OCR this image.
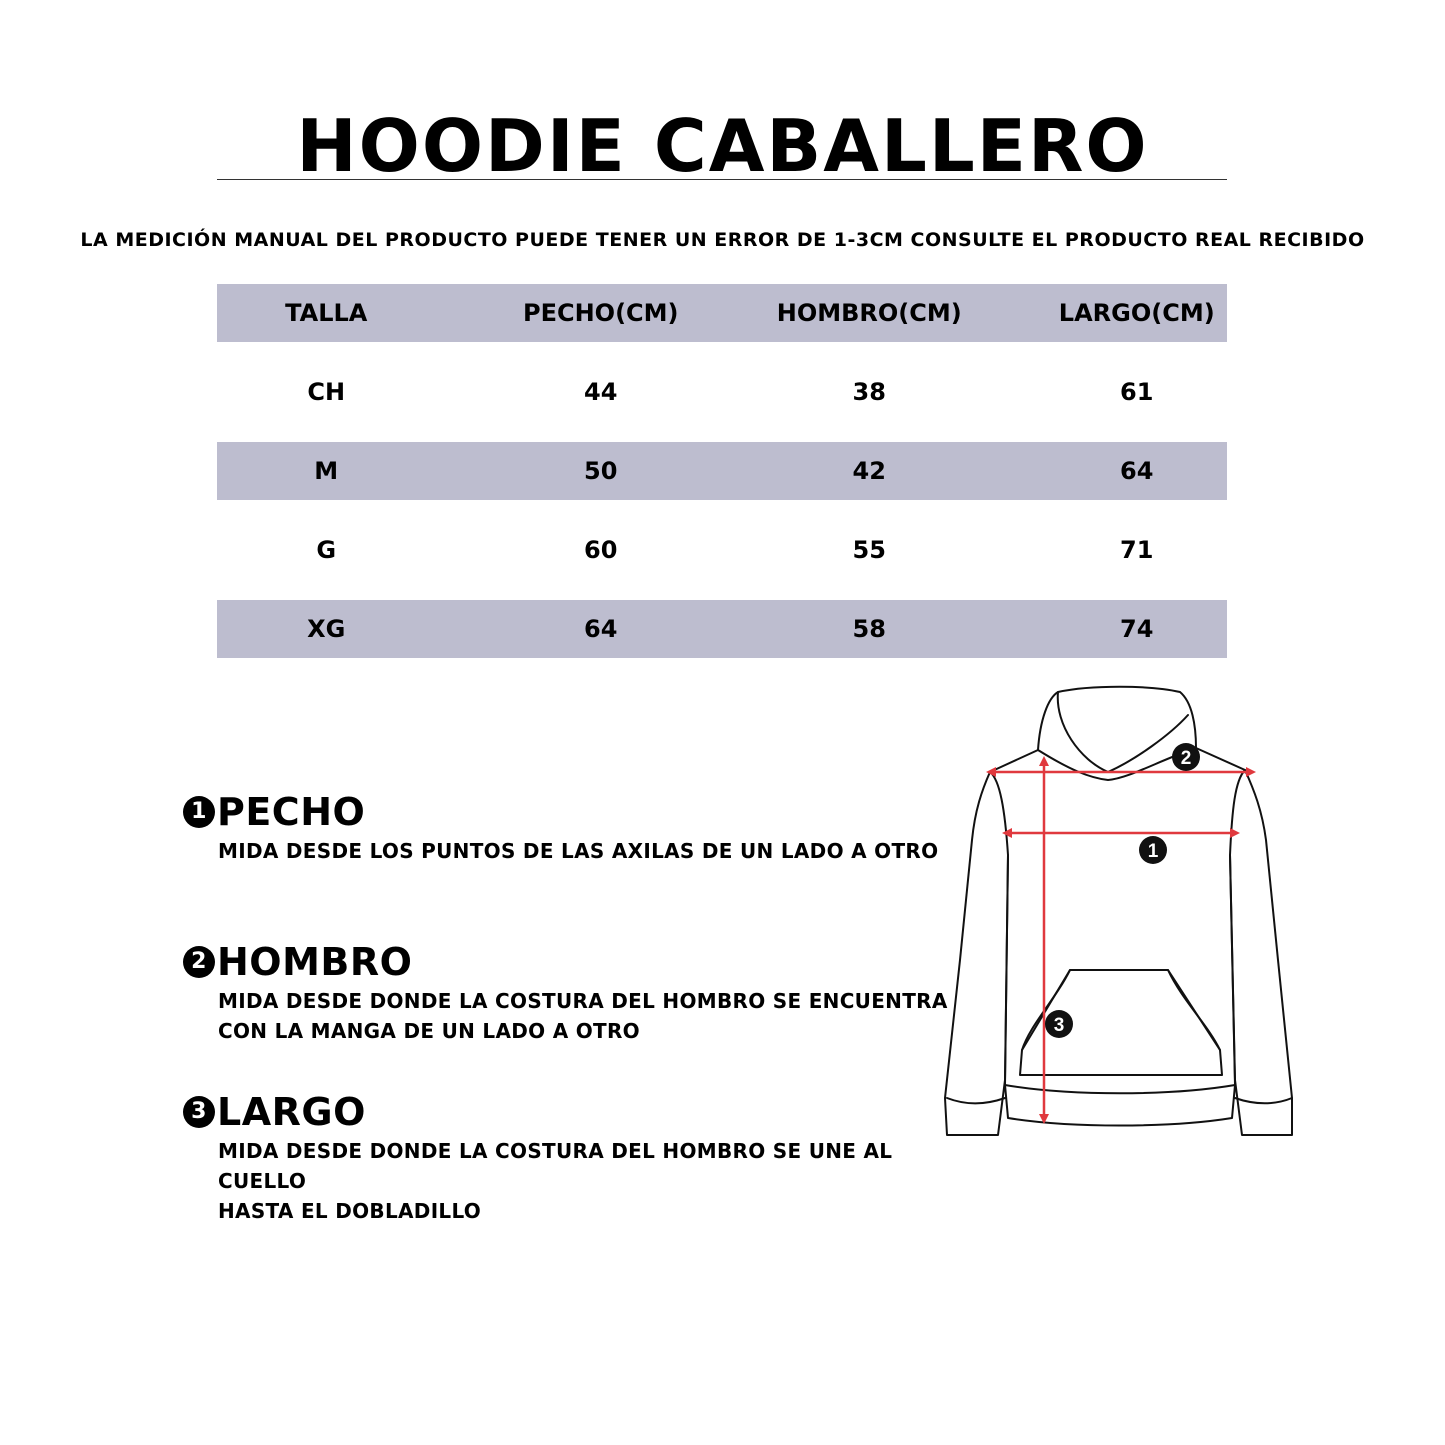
HOODIE CABALLERO
LA MEDICIÓN MANUAL DEL PRODUCTO PUEDE TENER UN ERROR DE 1-3CM CONSULTE EL PRODUCTO REAL RECIBIDO
TALLA	PECHO(CM)	HOMBRO(CM)	LARGO(CM)
CH	44	38	61
M	50	42	64
G	60	55	71
XG	64	58	74
1 PECHO
MIDA DESDE LOS PUNTOS DE LAS AXILAS DE UN LADO A OTRO
2 HOMBRO
MIDA DESDE DONDE LA COSTURA DEL HOMBRO SE ENCUENTRA
CON LA MANGA DE UN LADO A OTRO
3 LARGO
MIDA DESDE DONDE LA COSTURA DEL HOMBRO SE UNE AL CUELLO
HASTA EL DOBLADILLO
2
1
3
